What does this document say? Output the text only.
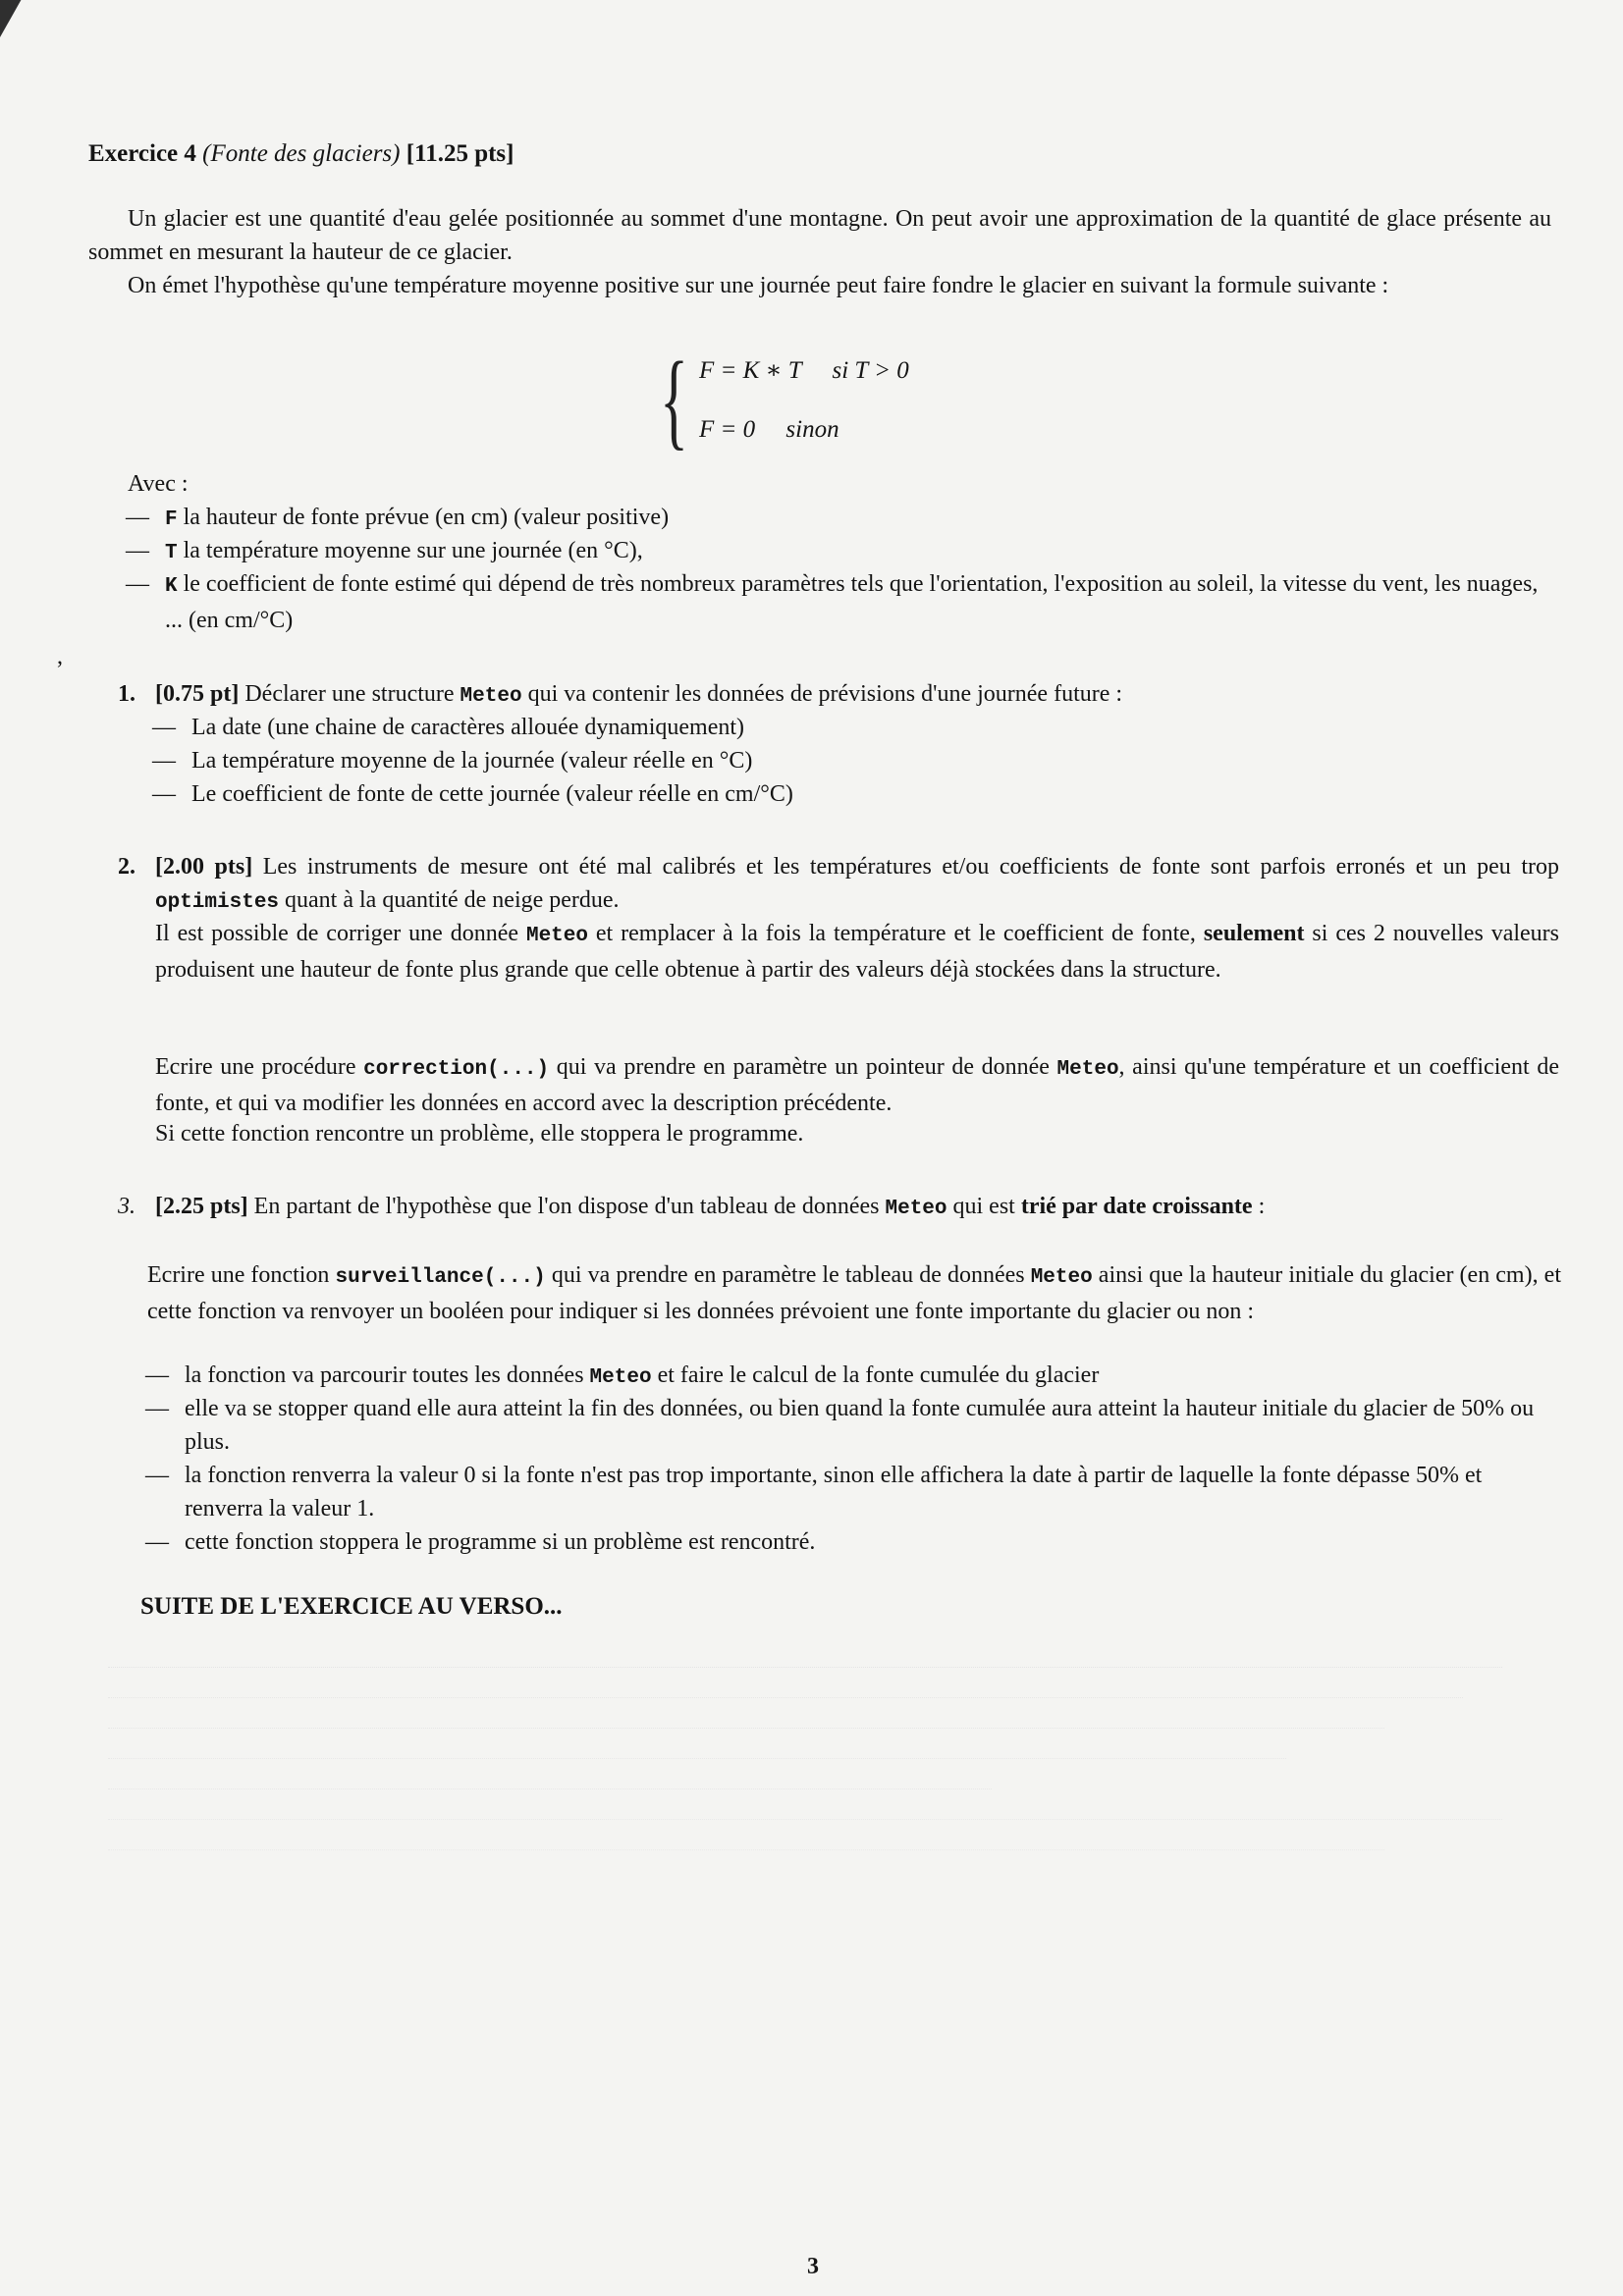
Exercice 4 (Fonte des glaciers) [11.25 pts]
Un glacier est une quantité d'eau gelée positionnée au sommet d'une montagne. On peut avoir une approximation de la quantité de glace présente au sommet en mesurant la hauteur de ce glacier.
On émet l'hypothèse qu'une température moyenne positive sur une journée peut faire fondre le glacier en suivant la formule suivante :
{ F = K ∗ T     si T > 0
F = 0     sinon
Avec :
— F la hauteur de fonte prévue (en cm) (valeur positive)
— T la température moyenne sur une journée (en °C),
— K le coefficient de fonte estimé qui dépend de très nombreux paramètres tels que l'orientation, l'exposition au soleil, la vitesse du vent, les nuages, ... (en cm/°C)
,
1. [0.75 pt] Déclarer une structure Meteo qui va contenir les données de prévisions d'une journée future :
— La date (une chaine de caractères allouée dynamiquement)
— La température moyenne de la journée (valeur réelle en °C)
— Le coefficient de fonte de cette journée (valeur réelle en cm/°C)
2. [2.00 pts] Les instruments de mesure ont été mal calibrés et les températures et/ou coefficients de fonte sont parfois erronés et un peu trop optimistes quant à la quantité de neige perdue.
Il est possible de corriger une donnée Meteo et remplacer à la fois la température et le coefficient de fonte, seulement si ces 2 nouvelles valeurs produisent une hauteur de fonte plus grande que celle obtenue à partir des valeurs déjà stockées dans la structure.
Ecrire une procédure correction(...) qui va prendre en paramètre un pointeur de donnée Meteo, ainsi qu'une température et un coefficient de fonte, et qui va modifier les données en accord avec la description précédente.
Si cette fonction rencontre un problème, elle stoppera le programme.
3. [2.25 pts] En partant de l'hypothèse que l'on dispose d'un tableau de données Meteo qui est trié par date croissante :
Ecrire une fonction surveillance(...) qui va prendre en paramètre le tableau de données Meteo ainsi que la hauteur initiale du glacier (en cm), et cette fonction va renvoyer un booléen pour indiquer si les données prévoient une fonte importante du glacier ou non :
— la fonction va parcourir toutes les données Meteo et faire le calcul de la fonte cumulée du glacier
— elle va se stopper quand elle aura atteint la fin des données, ou bien quand la fonte cumulée aura atteint la hauteur initiale du glacier de 50% ou plus.
— la fonction renverra la valeur 0 si la fonte n'est pas trop importante, sinon elle affichera la date à partir de laquelle la fonte dépasse 50% et renverra la valeur 1.
— cette fonction stoppera le programme si un problème est rencontré.
SUITE DE L'EXERCICE AU VERSO...
3
